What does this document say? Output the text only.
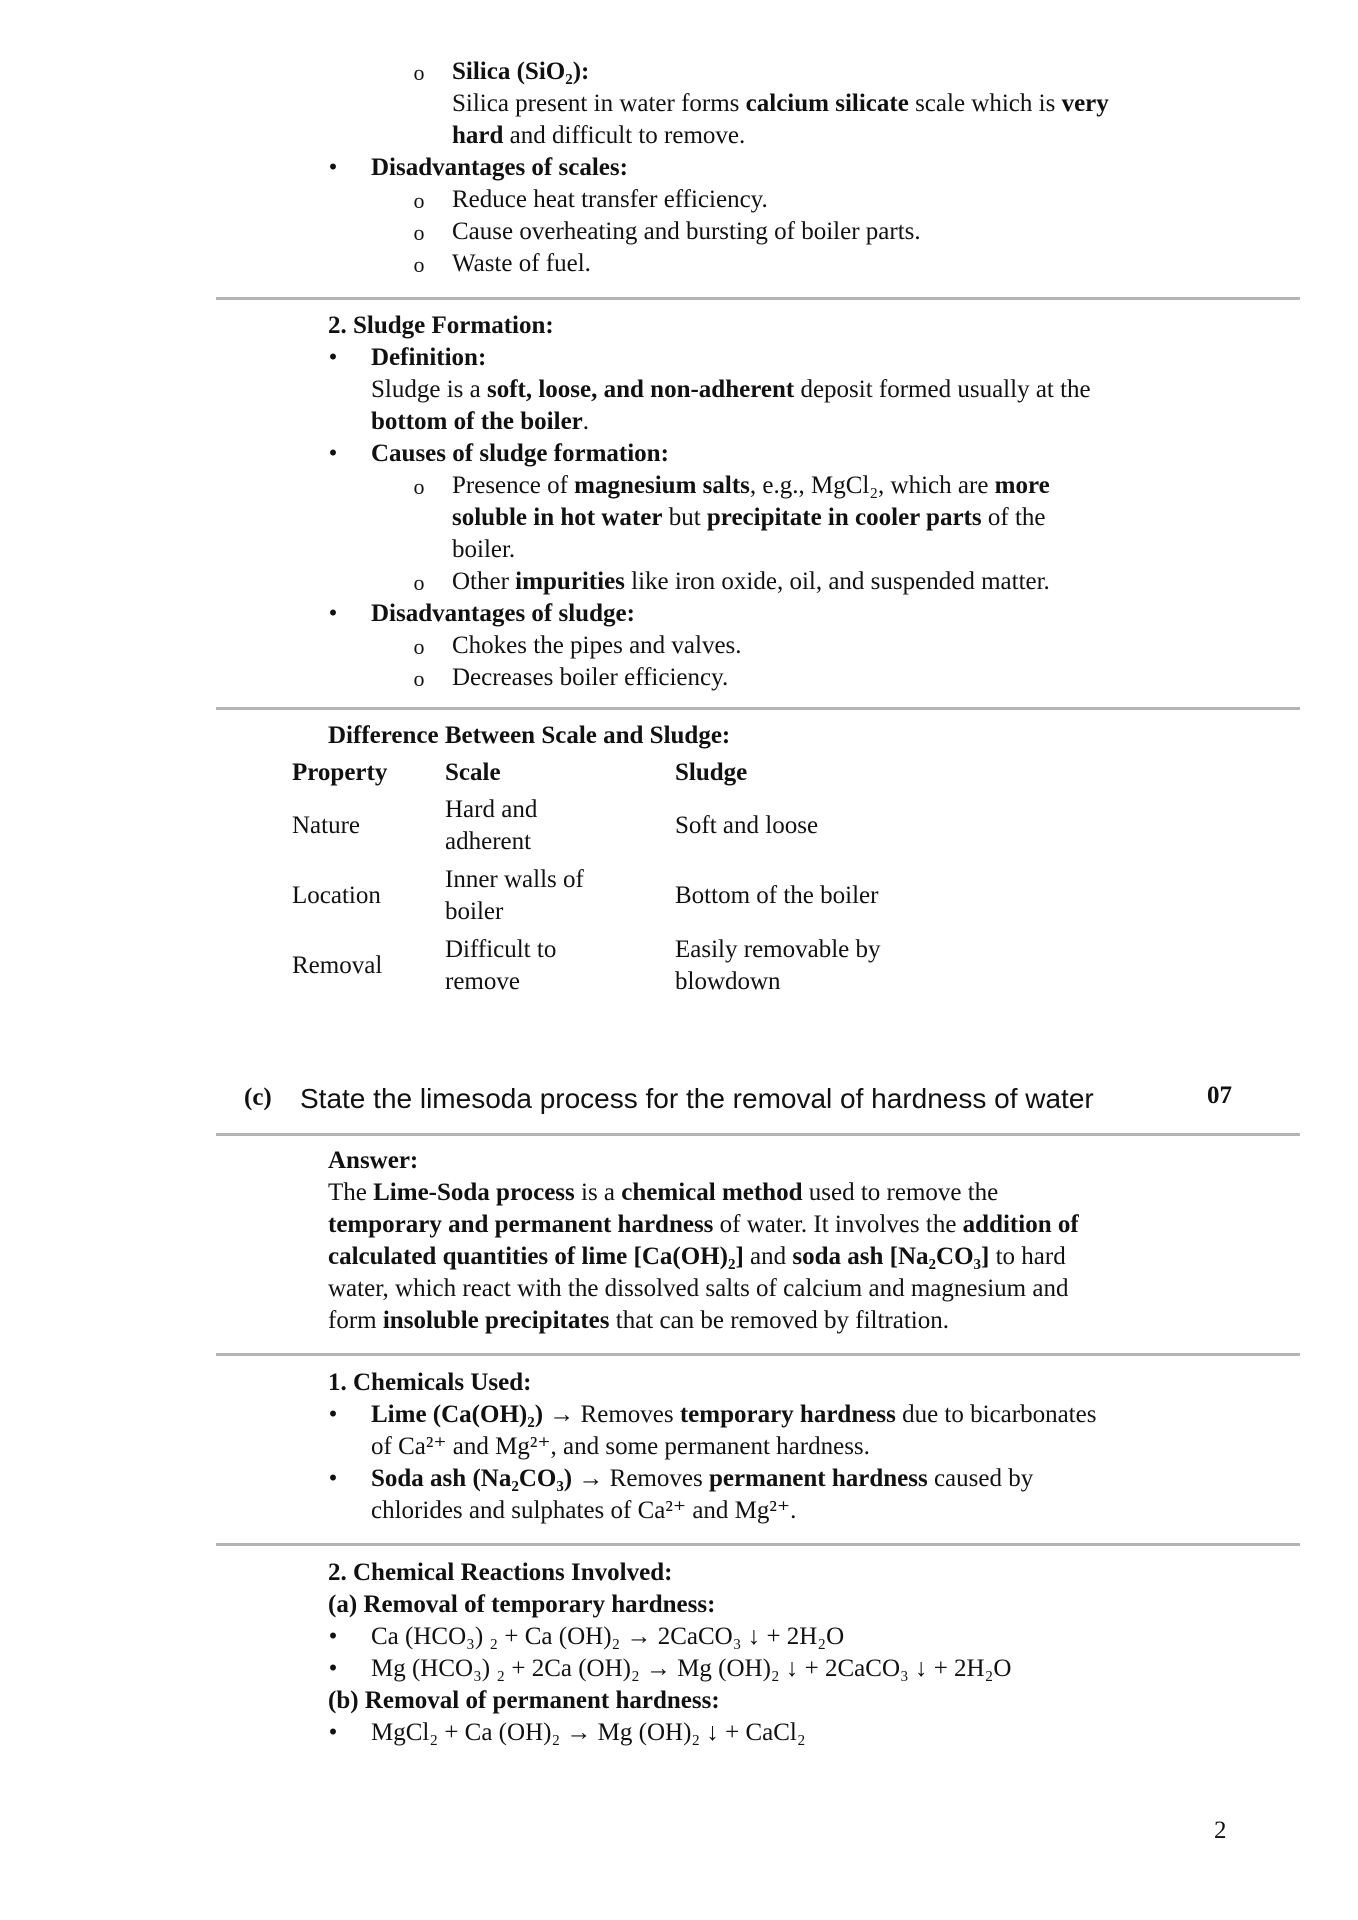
o Silica (SiO₂):
Silica present in water forms calcium silicate scale which is very
hard and difficult to remove.
• Disadvantages of scales:
o Reduce heat transfer efficiency.
o Cause overheating and bursting of boiler parts.
o Waste of fuel.
2. Sludge Formation:
• Definition:
Sludge is a soft, loose, and non-adherent deposit formed usually at the
bottom of the boiler.
• Causes of sludge formation:
o Presence of magnesium salts, e.g., MgCl₂, which are more
soluble in hot water but precipitate in cooler parts of the
boiler.
o Other impurities like iron oxide, oil, and suspended matter.
• Disadvantages of sludge:
o Chokes the pipes and valves.
o Decreases boiler efficiency.
Difference Between Scale and Sludge:
Property Scale	Sludge
Nature
Hard and
adherent
Soft and loose
Location
Inner walls of
boiler
Bottom of the boiler
Removal
Difficult to
remove
Easily removable by
blowdown
(c) State the limesoda process for the removal of hardness of water	07
Answer:
The Lime-Soda process is a chemical method used to remove the
temporary and permanent hardness of water. It involves the addition of
calculated quantities of lime [Ca(OH)₂] and soda ash [Na₂CO₃] to hard
water, which react with the dissolved salts of calcium and magnesium and
form insoluble precipitates that can be removed by filtration.
1. Chemicals Used:
• Lime (Ca(OH)₂) → Removes temporary hardness due to bicarbonates
of Ca²⁺ and Mg²⁺, and some permanent hardness.
• Soda ash (Na₂CO₃) → Removes permanent hardness caused by
chlorides and sulphates of Ca²⁺ and Mg²⁺.
2. Chemical Reactions Involved:
(a) Removal of temporary hardness:
• Ca (HCO₃) ₂ + Ca (OH)₂ → 2CaCO₃ ↓ + 2H₂O
• Mg (HCO₃) ₂ + 2Ca (OH)₂ → Mg (OH)₂ ↓ + 2CaCO₃ ↓ + 2H₂O
(b) Removal of permanent hardness:
• MgCl₂ + Ca (OH)₂ → Mg (OH)₂ ↓ + CaCl₂
2
